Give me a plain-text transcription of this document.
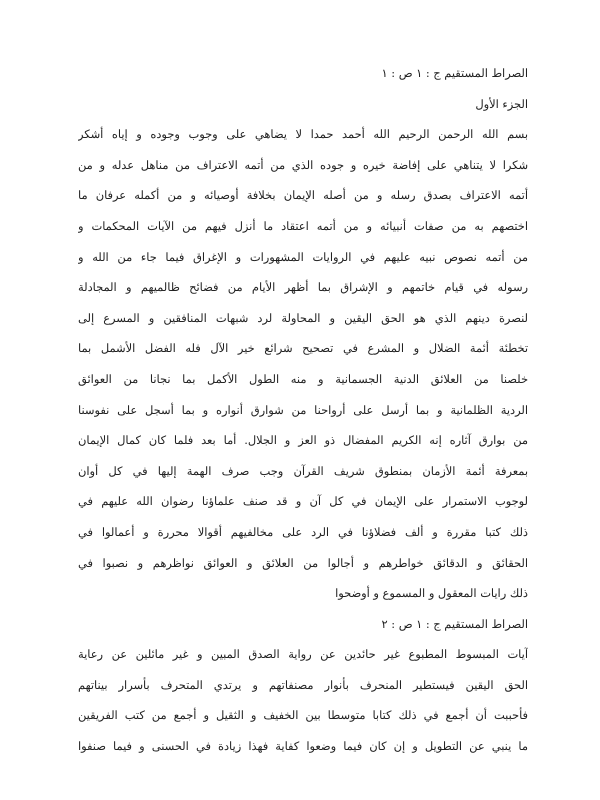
الصراط المستقيم ج : ١ ص : ١
الجزء الأول
بسم الله الرحمن الرحيم الله أحمد حمدا لا يضاهي على وجوب وجوده و إياه أشكر
شكرا لا يتناهي على إفاضة خيره و جوده الذي من أتمه الاعتراف من مناهل عدله و من
أتمه الاعتراف بصدق رسله و من أصله الإيمان بخلافة أوصيائه و من أكمله عرفان ما
اختصهم به من صفات أنبيائه و من أتمه اعتقاد ما أنزل فيهم من الآيات المحكمات و
من أتمه نصوص نبيه عليهم في الروايات المشهورات و الإغراق فيما جاء من الله و
رسوله في قيام خاتمهم و الإشراق بما أظهر الأيام من فضائح ظالميهم و المجادلة
لنصرة دينهم الذي هو الحق اليقين و المحاولة لرد شبهات المنافقين و المسرع إلى
تخطئة أئمة الضلال و المشرع في تصحيح شرائع خير الآل فله الفضل الأشمل بما
خلصنا من العلائق الدنية الجسمانية و منه الطول الأكمل بما نجانا من العوائق
الردية الظلمانية و بما أرسل على أرواحنا من شوارق أنواره و بما أسجل على نفوسنا
من بوارق آثاره إنه الكريم المفضال ذو العز و الجلال. أما بعد فلما كان كمال الإيمان
بمعرفة أئمة الأزمان بمنطوق شريف القرآن وجب صرف الهمة إليها في كل أوان
لوجوب الاستمرار على الإيمان في كل آن و قد صنف علماؤنا رضوان الله عليهم في
ذلك كتبا مقررة و ألف فضلاؤنا في الرد على مخالفيهم أقوالا محررة و أعمالوا في
الحقائق و الدقائق خواطرهم و أجالوا من العلائق و العوائق نواظرهم و نصبوا في
ذلك رايات المعقول و المسموع و أوضحوا
الصراط المستقيم ج : ١ ص : ٢
آيات المبسوط المطبوع غير حائدين عن رواية الصدق المبين و غير مائلين عن رعاية
الحق اليقين فيستطير المنحرف بأنوار مصنفاتهم و يرتدي المتحرف بأسرار بيناتهم
فأحببت أن أجمع في ذلك كتابا متوسطا بين الخفيف و الثقيل و أجمع من كتب الفريقين
ما ينبي عن التطويل و إن كان فيما وضعوا كفاية فهذا زيادة في الحسنى و فيما صنفوا
